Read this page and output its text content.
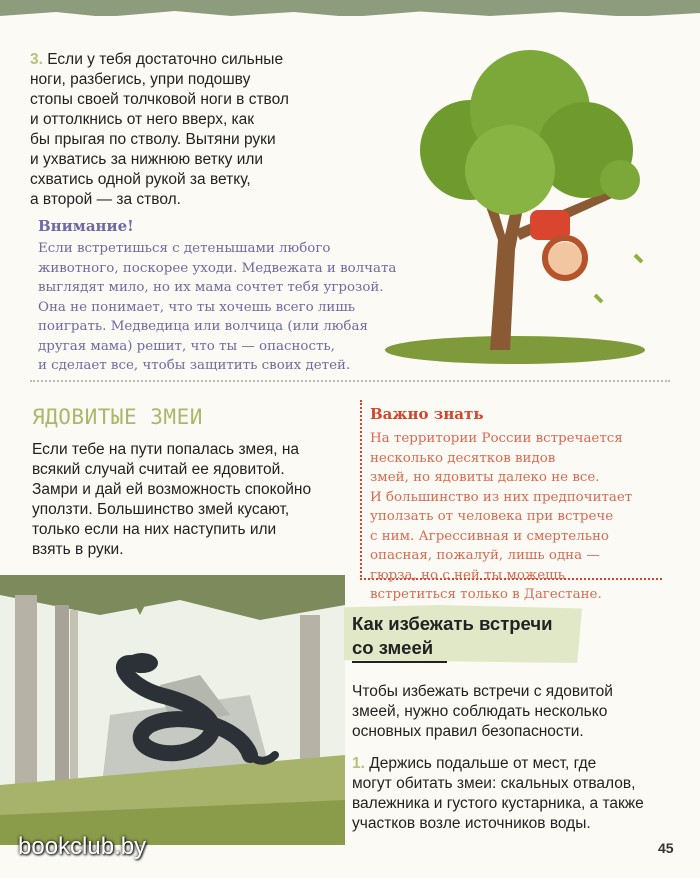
3. Если у тебя достаточно сильные
ноги, разбегись, упри подошву
стопы своей толчковой ноги в ствол
и оттолкнись от него вверх, как
бы прыгая по стволу. Вытяни руки
и ухватись за нижнюю ветку или
схватись одной рукой за ветку,
а второй — за ствол.
Внимание!
Если встретишься с детенышами любого
животного, поскорее уходи. Медвежата и волчата
выглядят мило, но их мама сочтет тебя угрозой.
Она не понимает, что ты хочешь всего лишь
поиграть. Медведица или волчица (или любая
другая мама) решит, что ты — опасность,
и сделает все, чтобы защитить своих детей.
ЯДОВИТЫЕ ЗМЕИ
Если тебе на пути попалась змея, на
всякий случай считай ее ядовитой.
Замри и дай ей возможность спокойно
уползти. Большинство змей кусают,
только если на них наступить или
взять в руки.
Важно знать
На территории России встречается
несколько десятков видов
змей, но ядовиты далеко не все.
И большинство из них предпочитает
уползать от человека при встрече
с ним. Агрессивная и смертельно
опасная, пожалуй, лишь одна —
гюрза, но с ней ты можешь
встретиться только в Дагестане.
Как избежать встречи
со змеей
Чтобы избежать встречи с ядовитой
змеей, нужно соблюдать несколько
основных правил безопасности.
1. Держись подальше от мест, где
могут обитать змеи: скальных отвалов,
валежника и густого кустарника, а также
участков возле источников воды.
45
bookclub.by
